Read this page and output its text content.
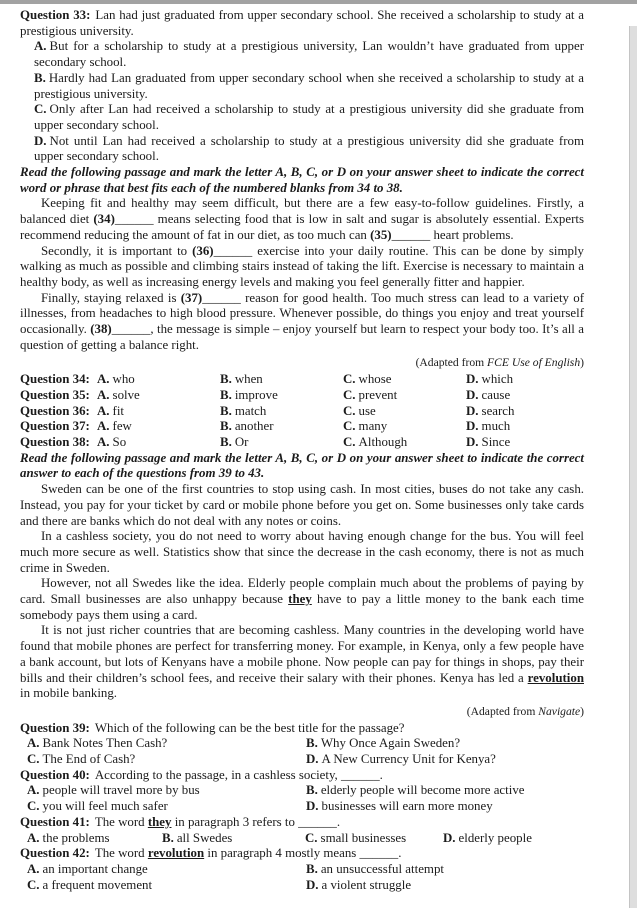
Question 33: Lan had just graduated from upper secondary school. She received a scholarship to study at a prestigious university.

A. But for a scholarship to study at a prestigious university, Lan wouldn’t have graduated from upper secondary school.

B. Hardly had Lan graduated from upper secondary school when she received a scholarship to study at a prestigious university.

C. Only after Lan had received a scholarship to study at a prestigious university did she graduate from upper secondary school.

D. Not until Lan had received a scholarship to study at a prestigious university did she graduate from upper secondary school.

Read the following passage and mark the letter A, B, C, or D on your answer sheet to indicate the correct word or phrase that best fits each of the numbered blanks from 34 to 38.

Keeping fit and healthy may seem difficult, but there are a few easy-to-follow guidelines. Firstly, a balanced diet (34)______ means selecting food that is low in salt and sugar is absolutely essential. Experts recommend reducing the amount of fat in our diet, as too much can (35)______ heart problems.

Secondly, it is important to (36)______ exercise into your daily routine. This can be done by simply walking as much as possible and climbing stairs instead of taking the lift. Exercise is necessary to maintain a healthy body, as well as increasing energy levels and making you feel generally fitter and happier.

Finally, staying relaxed is (37)______ reason for good health. Too much stress can lead to a variety of illnesses, from headaches to high blood pressure. Whenever possible, do things you enjoy and treat yourself occasionally. (38)______, the message is simple – enjoy yourself but learn to respect your body too. It’s all a question of getting a balance right.

(Adapted from FCE Use of English)

Question 34: A. who	B. when	C. whose	D. which
Question 35: A. solve	B. improve	C. prevent	D. cause
Question 36: A. fit	B. match	C. use	D. search
Question 37: A. few	B. another	C. many	D. much
Question 38: A. So	B. Or	C. Although	D. Since

Read the following passage and mark the letter A, B, C, or D on your answer sheet to indicate the correct answer to each of the questions from 39 to 43.

Sweden can be one of the first countries to stop using cash. In most cities, buses do not take any cash. Instead, you pay for your ticket by card or mobile phone before you get on. Some businesses only take cards and there are banks which do not deal with any notes or coins.

In a cashless society, you do not need to worry about having enough change for the bus. You will feel much more secure as well. Statistics show that since the decrease in the cash economy, there is not as much crime in Sweden.

However, not all Swedes like the idea. Elderly people complain much about the problems of paying by card. Small businesses are also unhappy because they have to pay a little money to the bank each time somebody pays them using a card.

It is not just richer countries that are becoming cashless. Many countries in the developing world have found that mobile phones are perfect for transferring money. For example, in Kenya, only a few people have a bank account, but lots of Kenyans have a mobile phone. Now people can pay for things in shops, pay their bills and their children’s school fees, and receive their salary with their phones. Kenya has led a revolution in mobile banking.

(Adapted from Navigate)

Question 39: Which of the following can be the best title for the passage?

A. Bank Notes Then Cash?	B. Why Once Again Sweden?
C. The End of Cash?	D. A New Currency Unit for Kenya?

Question 40: According to the passage, in a cashless society, ______.

A. people will travel more by bus	B. elderly people will become more active
C. you will feel much safer	D. businesses will earn more money

Question 41: The word they in paragraph 3 refers to ______.

A. the problems	B. all Swedes	C. small businesses	D. elderly people

Question 42: The word revolution in paragraph 4 mostly means ______.

A. an important change	B. an unsuccessful attempt
C. a frequent movement	D. a violent struggle
